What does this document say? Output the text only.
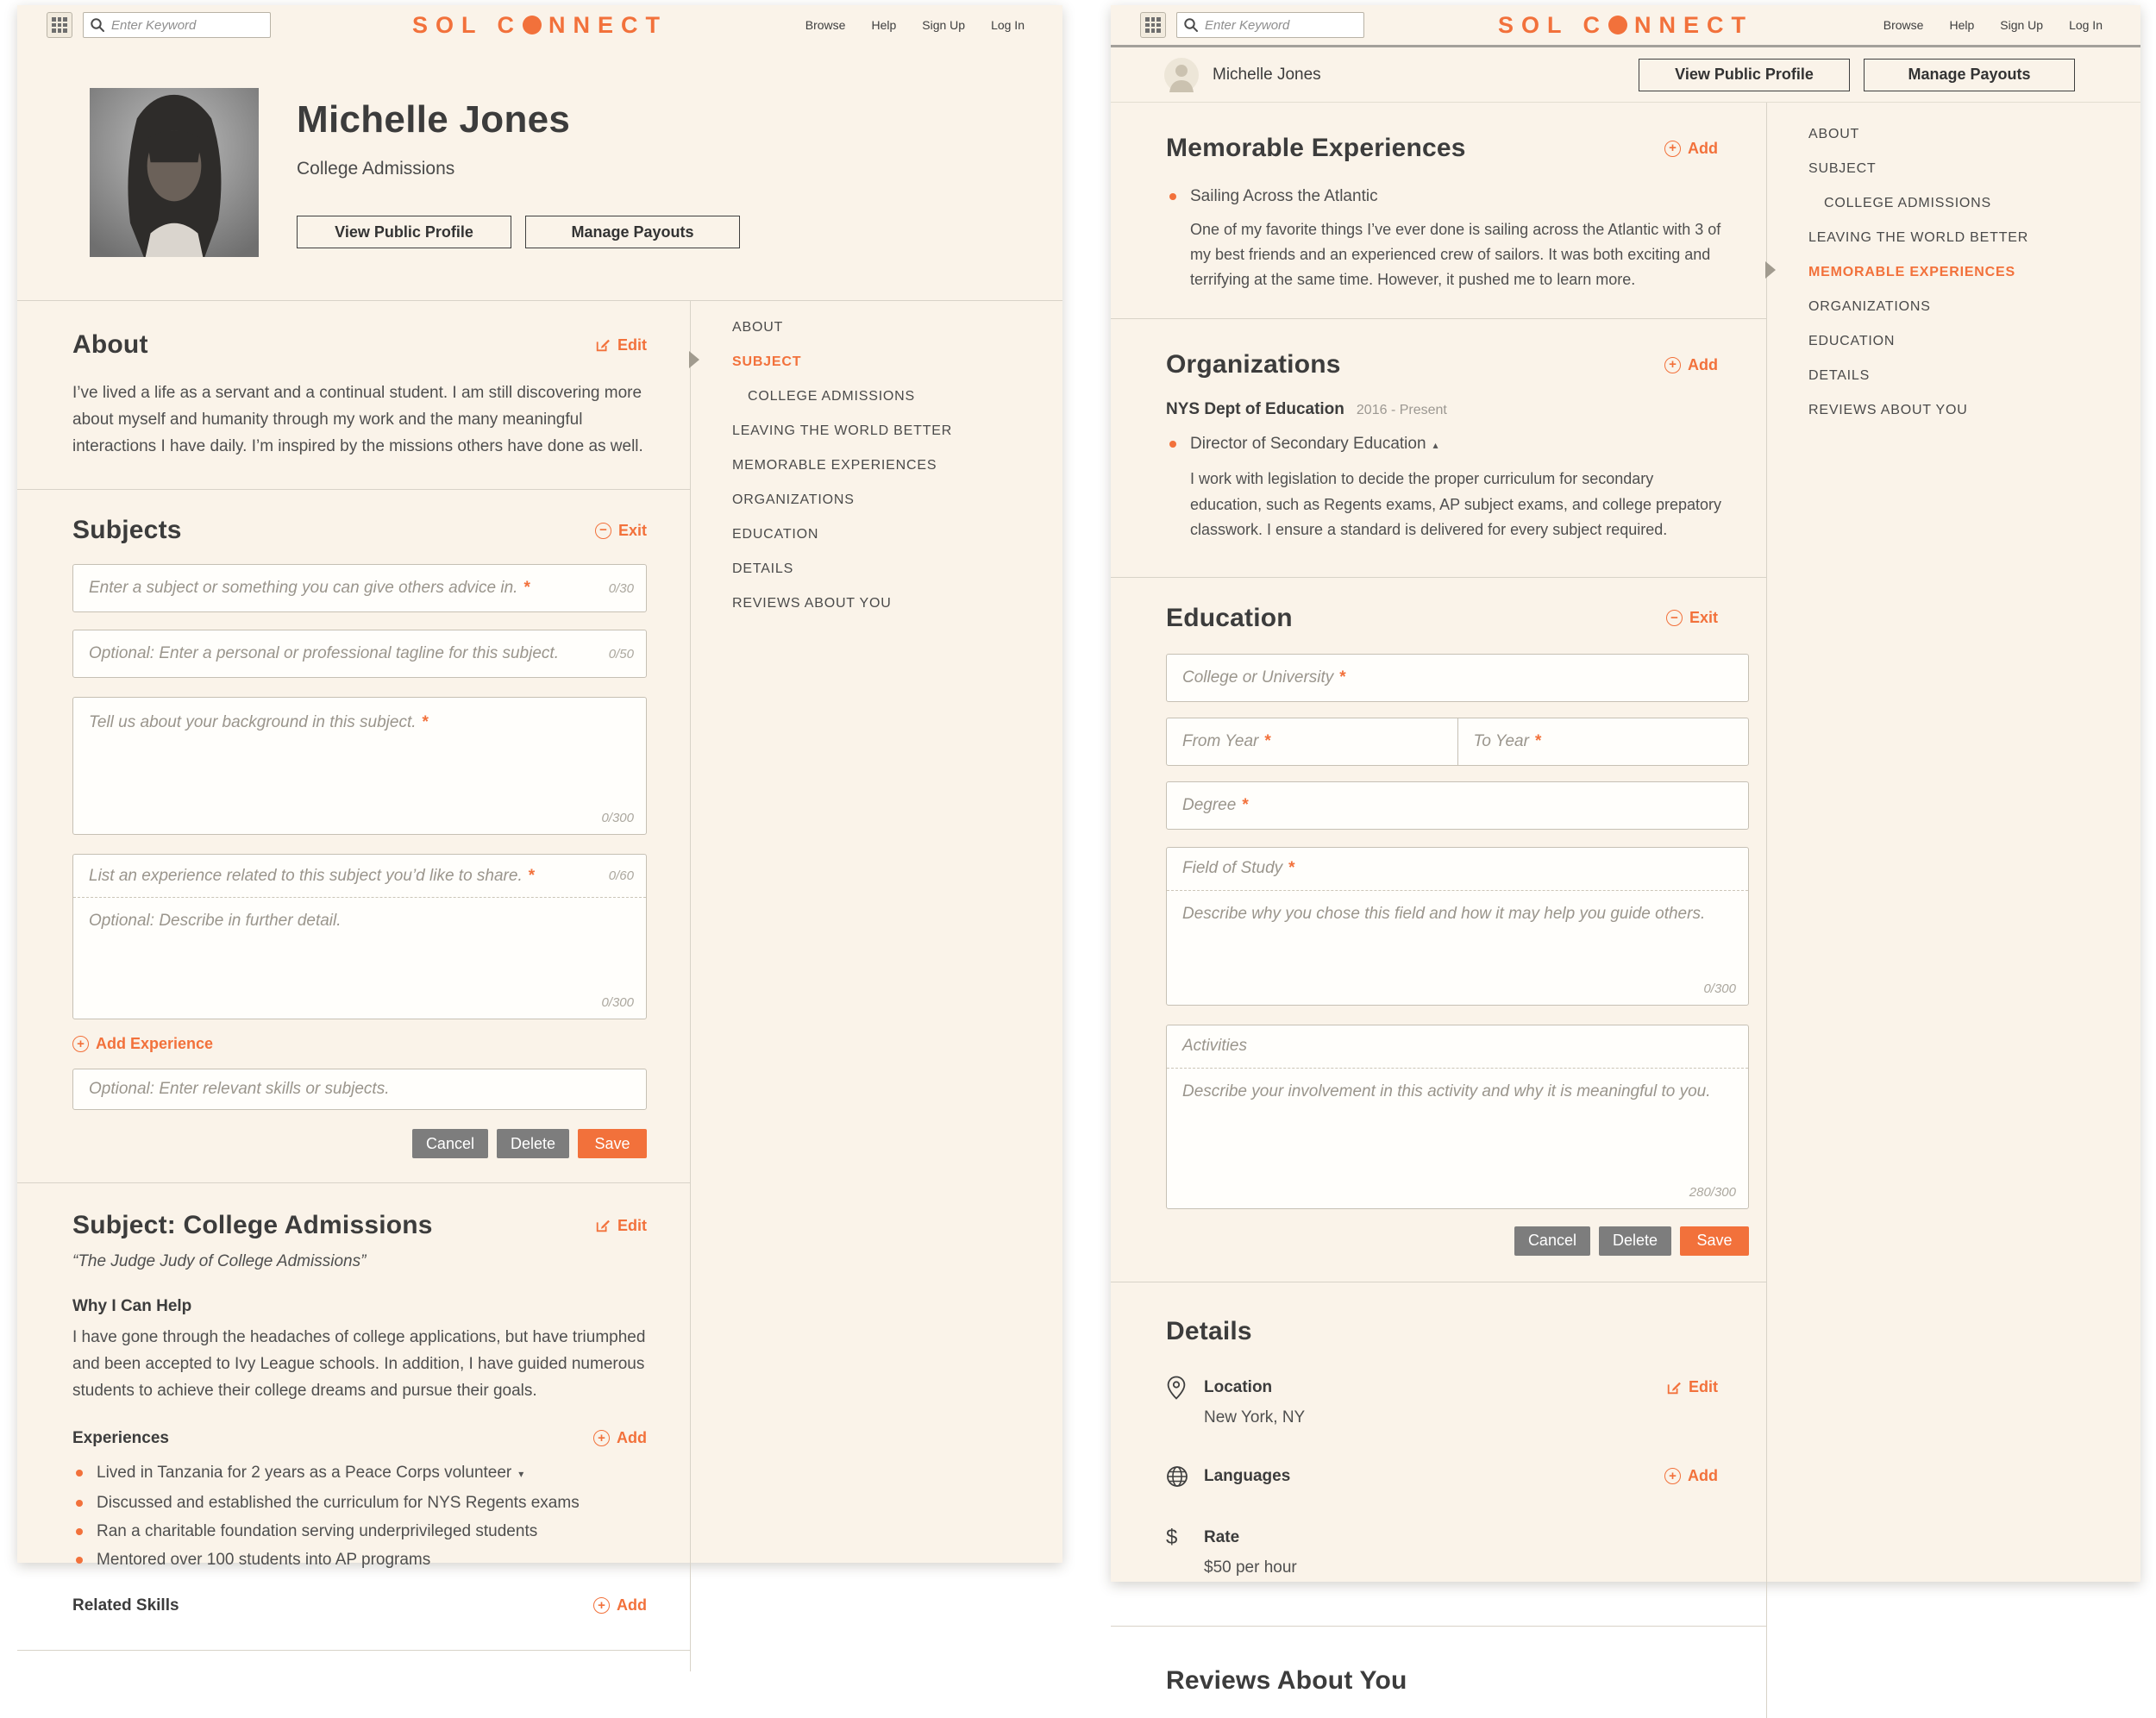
Enter Keyword
SOL C NNECT	Browse Help Sign Up Log In
Michelle Jones
College Admissions
View Public Profile	Manage Payouts
About	Edit

I’ve lived a life as a servant and a continual student. I am still discovering more about myself and humanity through my work and the many meaningful interactions I have daily. I’m inspired by the missions others have done as well.

Subjects	− Exit
Enter a subject or something you can give others advice in. *	0/30
Optional: Enter a personal or professional tagline for this subject.	0/50
Tell us about your background in this subject. *
0/300
List an experience related to this subject you’d like to share. *	0/60
Optional: Describe in further detail.
0/300
+ Add Experience
Optional: Enter relevant skills or subjects.
Cancel	Delete	Save
Subject: College Admissions	Edit
“The Judge Judy of College Admissions”
Why I Can Help

I have gone through the headaches of college applications, but have triumphed and been accepted to Ivy League schools. In addition, I have guided numerous students to achieve their college dreams and pursue their goals.

Experiences	+ Add
Lived in Tanzania for 2 years as a Peace Corps volunteer ▾
Discussed and established the curriculum for NYS Regents exams
Ran a charitable foundation serving underprivileged students
Mentored over 100 students into AP programs
Related Skills	+ Add
ABOUT
SUBJECT
COLLEGE ADMISSIONS
LEAVING THE WORLD BETTER
MEMORABLE EXPERIENCES
ORGANIZATIONS
EDUCATION
DETAILS
REVIEWS ABOUT YOU
Enter Keyword
SOL C NNECT	Browse Help Sign Up Log In
Michelle Jones	View Public Profile	Manage Payouts
Memorable Experiences	+ Add
Sailing Across the Atlantic

One of my favorite things I’ve ever done is sailing across the Atlantic with 3 of my best friends and an experienced crew of sailors. It was both exciting and terrifying at the same time. However, it pushed me to learn more.

Organizations	+ Add
NYS Dept of Education 2016 - Present
Director of Secondary Education ▴

I work with legislation to decide the proper curriculum for secondary education, such as Regents exams, AP subject exams, and college prepatory classwork. I ensure a standard is delivered for every subject required.

Education	− Exit
College or University *
From Year *	To Year *
Degree *
Field of Study *
Describe why you chose this field and how it may help you guide others.
0/300
Activities
Describe your involvement in this activity and why it is meaningful to you.
280/300
Cancel	Delete	Save
Details
Location	Edit
New York, NY
Languages	+ Add
$	Rate
$50 per hour
Reviews About You
ABOUT
SUBJECT
COLLEGE ADMISSIONS
LEAVING THE WORLD BETTER
MEMORABLE EXPERIENCES
ORGANIZATIONS
EDUCATION
DETAILS
REVIEWS ABOUT YOU
